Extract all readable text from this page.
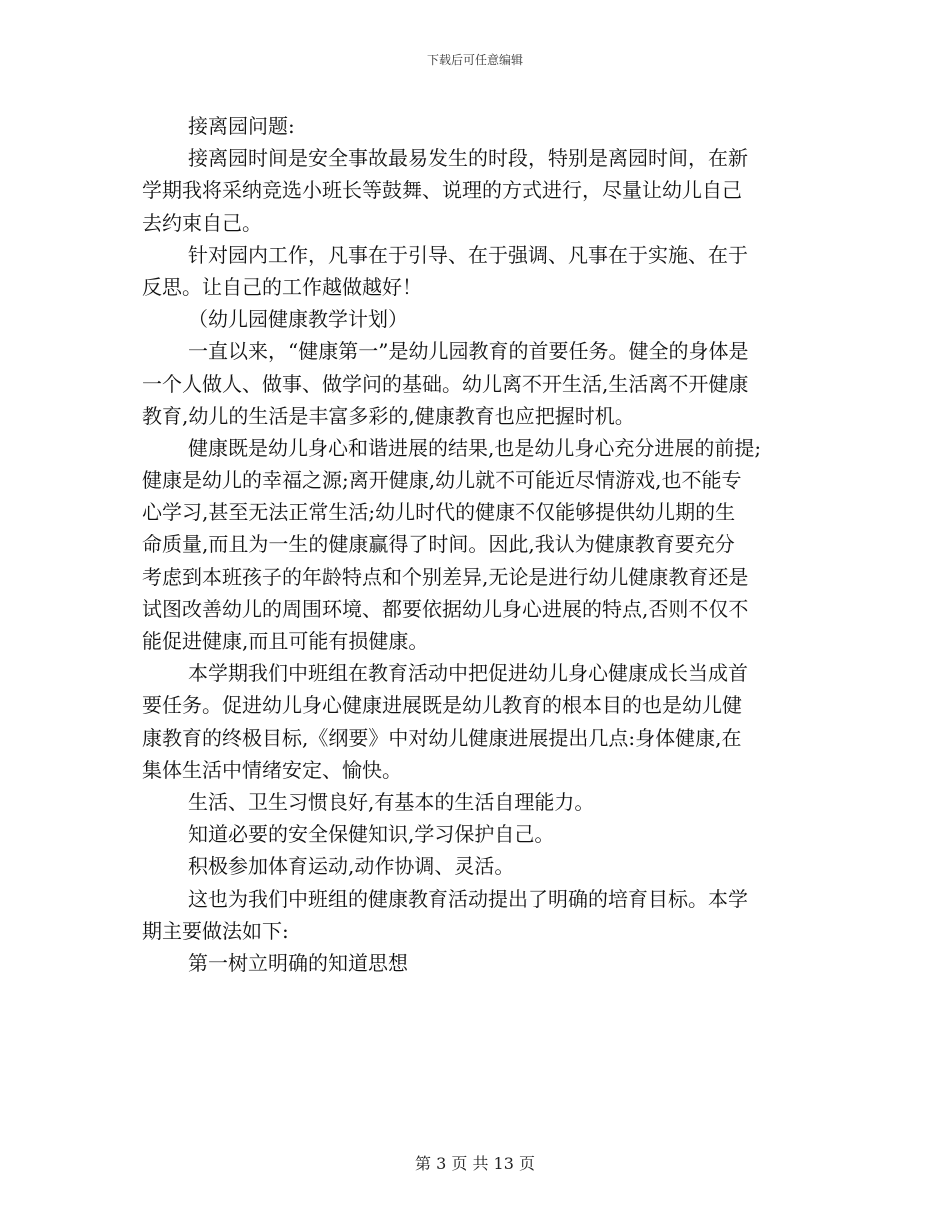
下载后可任意编辑
接离园问题:
接离园时间是安全事故最易发生的时段，特别是离园时间，在新
学期我将采纳竞选小班长等鼓舞、说理的方式进行，尽量让幼儿自己
去约束自己。
针对园内工作，凡事在于引导、在于强调、凡事在于实施、在于
反思。让自己的工作越做越好！
（幼儿园健康教学计划）
一直以来，“健康第一”是幼儿园教育的首要任务。健全的身体是
一个人做人、做事、做学问的基础。幼儿离不开生活,生活离不开健康
教育,幼儿的生活是丰富多彩的,健康教育也应把握时机。
健康既是幼儿身心和谐进展的结果,也是幼儿身心充分进展的前提;
健康是幼儿的幸福之源;离开健康,幼儿就不可能近尽情游戏,也不能专
心学习,甚至无法正常生活;幼儿时代的健康不仅能够提供幼儿期的生
命质量,而且为一生的健康赢得了时间。因此,我认为健康教育要充分
考虑到本班孩子的年龄特点和个别差异,无论是进行幼儿健康教育还是
试图改善幼儿的周围环境、都要依据幼儿身心进展的特点,否则不仅不
能促进健康,而且可能有损健康。
本学期我们中班组在教育活动中把促进幼儿身心健康成长当成首
要任务。促进幼儿身心健康进展既是幼儿教育的根本目的也是幼儿健
康教育的终极目标,《纲要》中对幼儿健康进展提出几点:身体健康,在
集体生活中情绪安定、愉快。
生活、卫生习惯良好,有基本的生活自理能力。
知道必要的安全保健知识,学习保护自己。
积极参加体育运动,动作协调、灵活。
这也为我们中班组的健康教育活动提出了明确的培育目标。本学
期主要做法如下:
第一树立明确的知道思想
第 3 页 共 13 页
